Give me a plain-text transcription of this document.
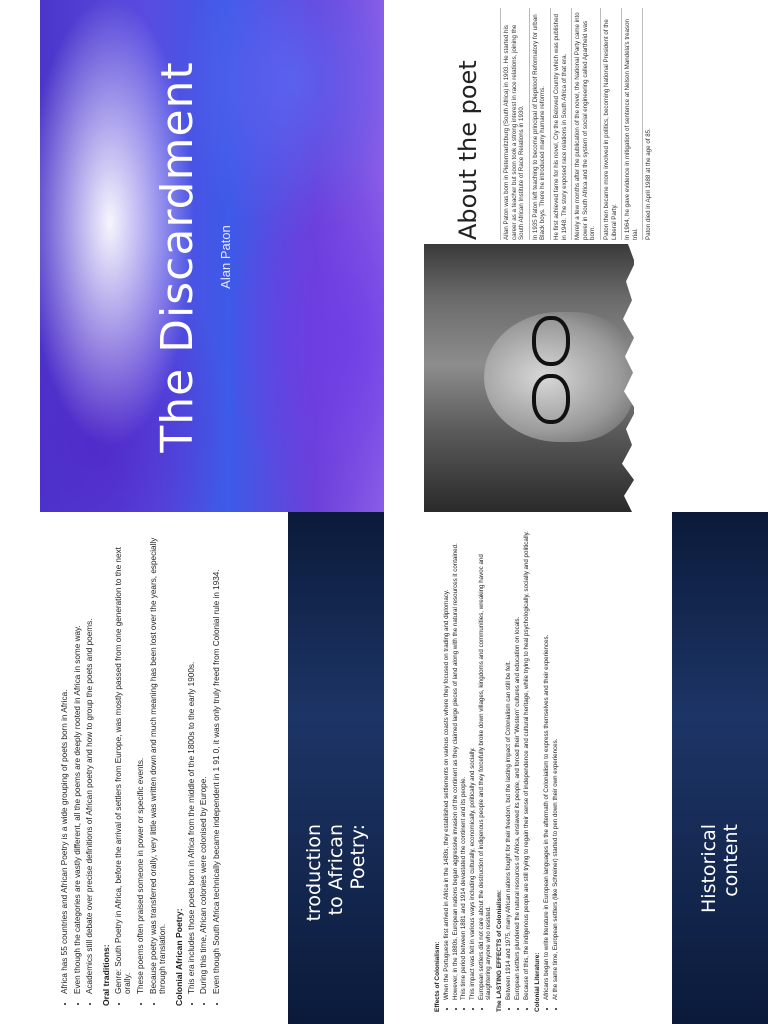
The Discardment Alan Paton
About the poet	Allan Paton was born in Pietermaritzburg (South Africa) in 1903. He started his career as a teacher but soon took a strong interest in race relations, joining the South African Institute of Race Relations in 1930.	In 1935 Paton left teaching to become principal of Diepkloof Reformatory for urban Black boys. There he introduced many humane reforms.	He first achieved fame for his novel, Cry the Beloved Country which was published in 1948. The story exposed race relations in South Africa of that era.	Merely a few months after the publication of the novel, the National Party came into power in South Africa and the system of social engineering called Apartheid was born.	Paton then became more involved in politics, becoming National President of the Liberal Party.	In 1964, he gave evidence in mitigation of sentence at Nelson Mandela's treason trial.	Paton died in April 1988 at the age of 85.
• Africa has 55 countries and African Poetry is a wide grouping of poets born in Africa. • Even though the categories are vastly different, all the poems are deeply rooted in Africa in some way. • Academics still debate over precise definitions of African poetry and how to group the poets and poems. Oral traditions: • Genre: South Poetry in Africa, before the arrival of settlers from Europe, was mostly passed from one generation to the next orally. • These poems often praised someone in power or specific events. • Because poetry was transferred orally, very little was written down and much meaning has been lost over the years, especially through translation. Colonial African Poetry: • This era includes those poets born in Africa from the middle of the 1800s to the early 1900s. • During this time, African colonies were colonised by Europe. • Even though South Africa technically became independent in 1 91 0, it was only truly freed from Colonial rule in 1934.	troduction to African Poetry:
Effects of Colonialism: • When the Portuguese first arrived in Africa in the 1480s, they established settlements on various coasts where they focused on trading and diplomacy. • However, in the 1880s, European nations began aggressive invasion of the continent as they claimed large pieces of land along with the natural resources it contained. • This time period between 1881 and 1914 devastated the continent and its people. • This impact was felt in various ways including culturally, economically, politically and socially. • European settlers did not care about the destruction of indigenous people and they forcefully broke down villages, kingdoms and communities, wreaking havoc and slaughtering anyone who resisted. The LASTING EFFECTS of Colonialism: • Between 1914 and 1975, many African nations fought for their freedom, but the lasting impact of Colonialism can still be felt. • European settlers plundered the natural resources of Africa, enslaved its people, and forced their 'Western' cultures and education on locals. • Because of this, the indigenous people are still trying to regain their sense of independence and cultural heritage, while trying to heal psychologically, socially and politically. Colonial Literature: • Africans began to write literature in European languages in the aftermath of Colonialism to express themselves and their experiences. • At the same time, European settlers (like Schreiner) started to pen down their own experiences.	Historical content
